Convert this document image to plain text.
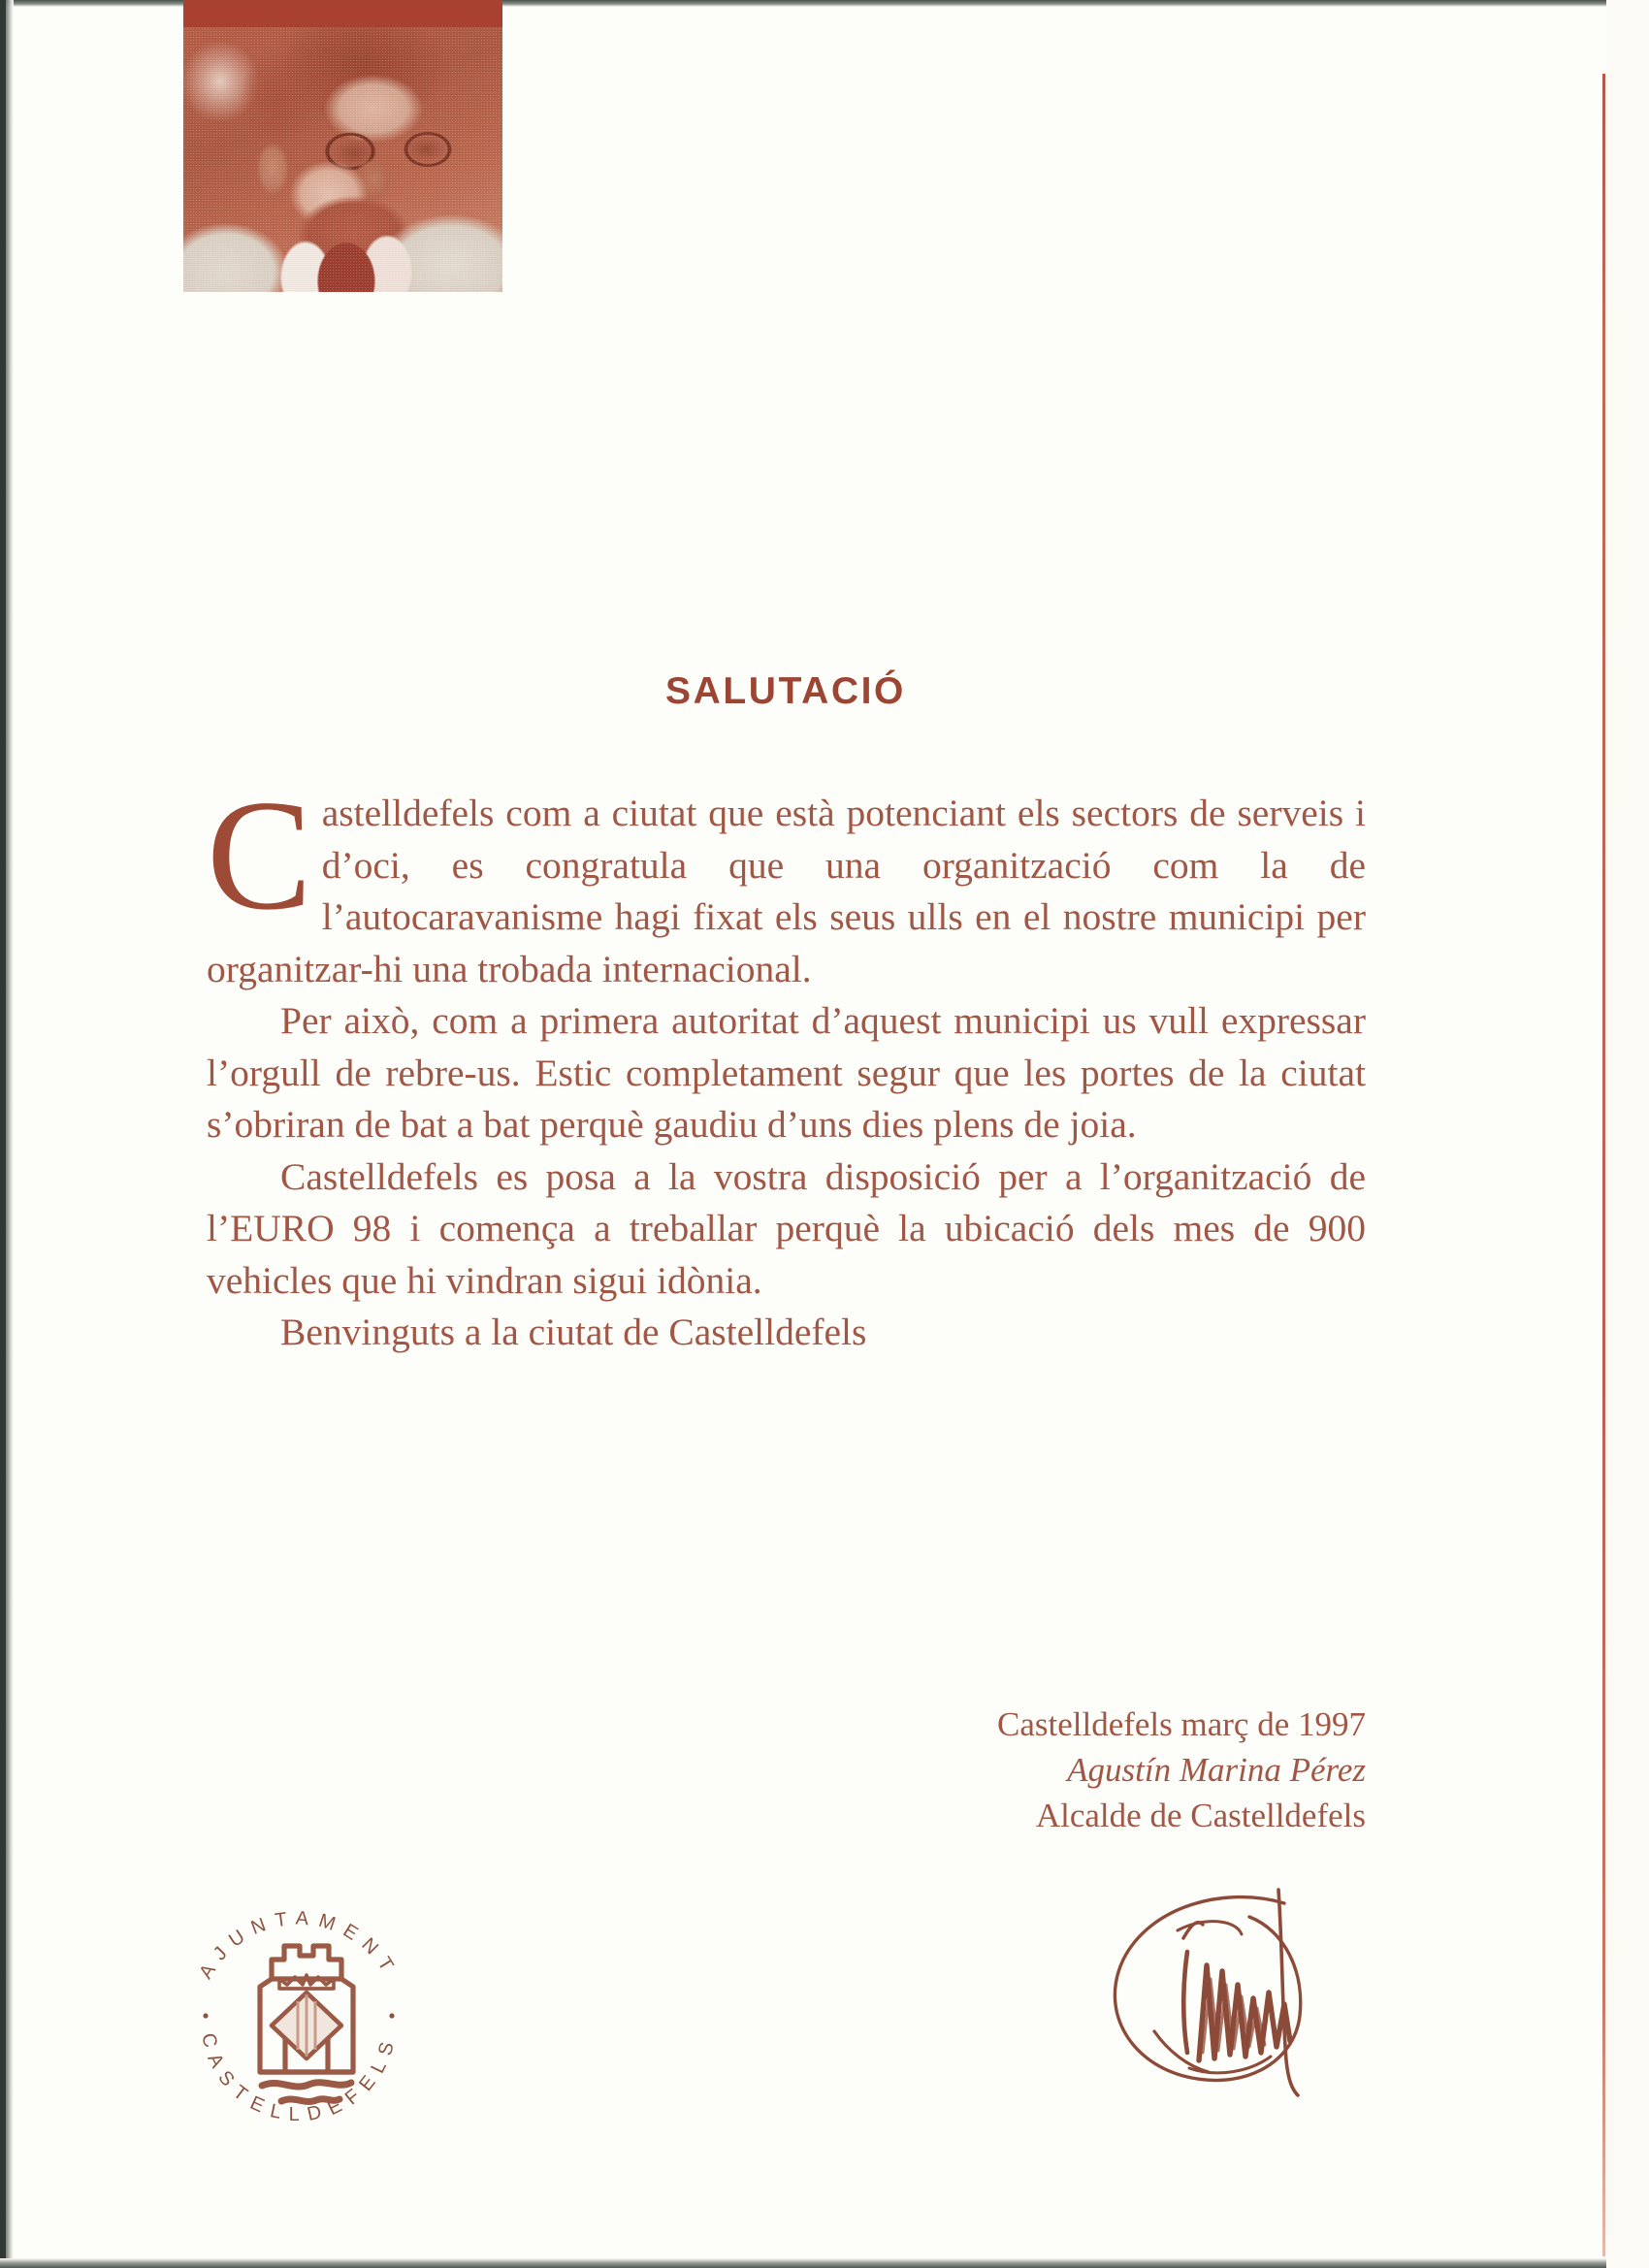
SALUTACIÓ

Castelldefels com a ciutat que està potenciant els sectors de serveis i d’oci, es congratula que una organització com la de l’autocaravanisme hagi fixat els seus ulls en el nostre municipi per organitzar-hi una trobada internacional.

Per això, com a primera autoritat d’aquest municipi us vull expressar l’orgull de rebre-us. Estic completament segur que les portes de la ciutat s’obriran de bat a bat perquè gaudiu d’uns dies plens de joia.

Castelldefels es posa a la vostra disposició per a l’organització de l’EURO 98 i comença a treballar perquè la ubicació dels mes de 900 vehicles que hi vindran sigui idònia.

Benvinguts a la ciutat de Castelldefels

Castelldefels març de 1997
Agustín Marina Pérez
Alcalde de Castelldefels
AJUNTAMENT
CASTELLDEFELS
